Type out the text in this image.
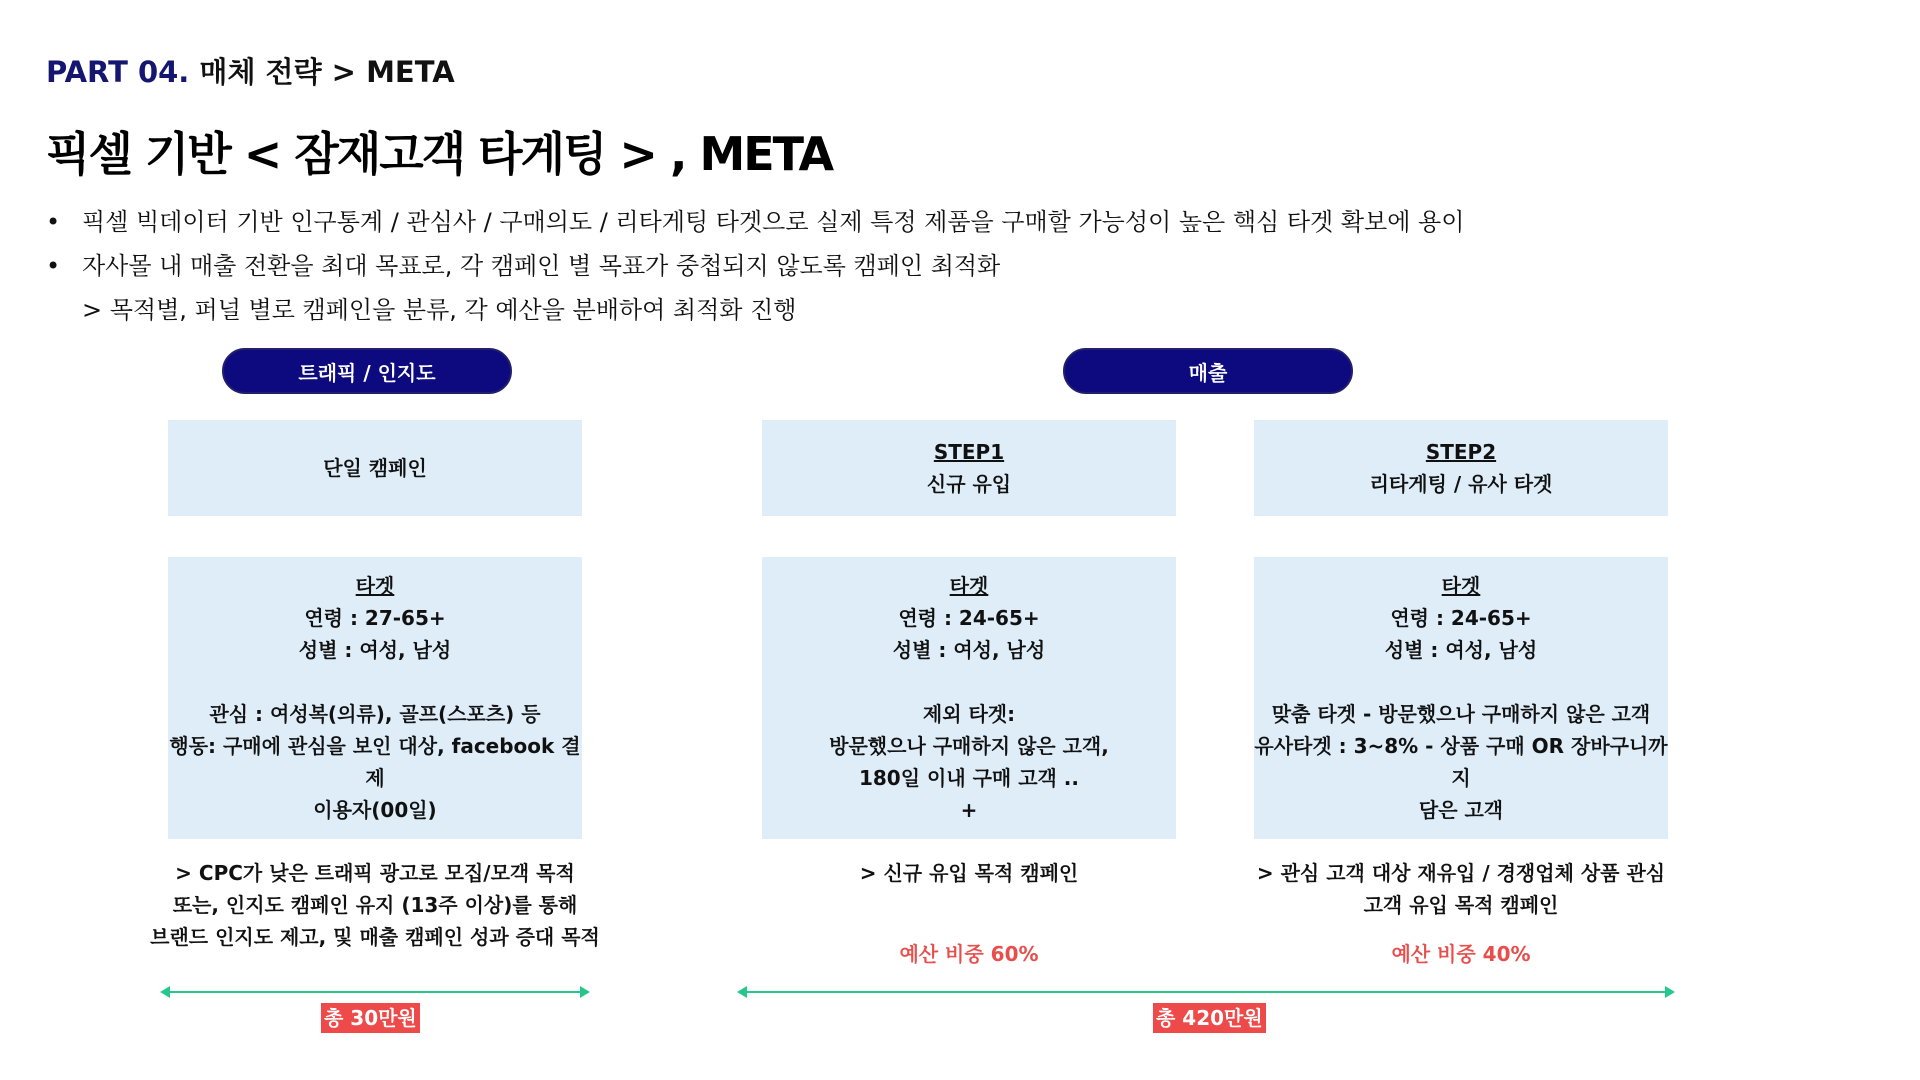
PART 04. 매체 전략 > META
픽셀 기반 < 잠재고객 타게팅 > , META
• 픽셀 빅데이터 기반 인구통계 / 관심사 / 구매의도 / 리타게팅 타겟으로 실제 특정 제품을 구매할 가능성이 높은 핵심 타겟 확보에 용이
• 자사몰 내 매출 전환을 최대 목표로, 각 캠페인 별 목표가 중첩되지 않도록 캠페인 최적화
> 목적별, 퍼널 별로 캠페인을 분류, 각 예산을 분배하여 최적화 진행
트래픽 / 인지도	매출
단일 캠페인
타겟
연령 : 27-65+
성별 : 여성, 남성
관심 : 여성복(의류), 골프(스포츠) 등
행동: 구매에 관심을 보인 대상, facebook 결제
이용자(00일)
> CPC가 낮은 트래픽 광고로 모집/모객 목적
또는, 인지도 캠페인 유지 (13주 이상)를 통해
브랜드 인지도 제고, 및 매출 캠페인 성과 증대 목적
STEP1
신규 유입
타겟
연령 : 24-65+
성별 : 여성, 남성
제외 타겟:
방문했으나 구매하지 않은 고객,
180일 이내 구매 고객 ..
+
> 신규 유입 목적 캠페인
예산 비중 60%
STEP2
리타게팅 / 유사 타겟
타겟
연령 : 24-65+
성별 : 여성, 남성
맞춤 타겟 - 방문했으나 구매하지 않은 고객
유사타겟 : 3~8% - 상품 구매 OR 장바구니까지
담은 고객
> 관심 고객 대상 재유입 / 경쟁업체 상품 관심
고객 유입 목적 캠페인
예산 비중 40%
총 30만원	총 420만원
